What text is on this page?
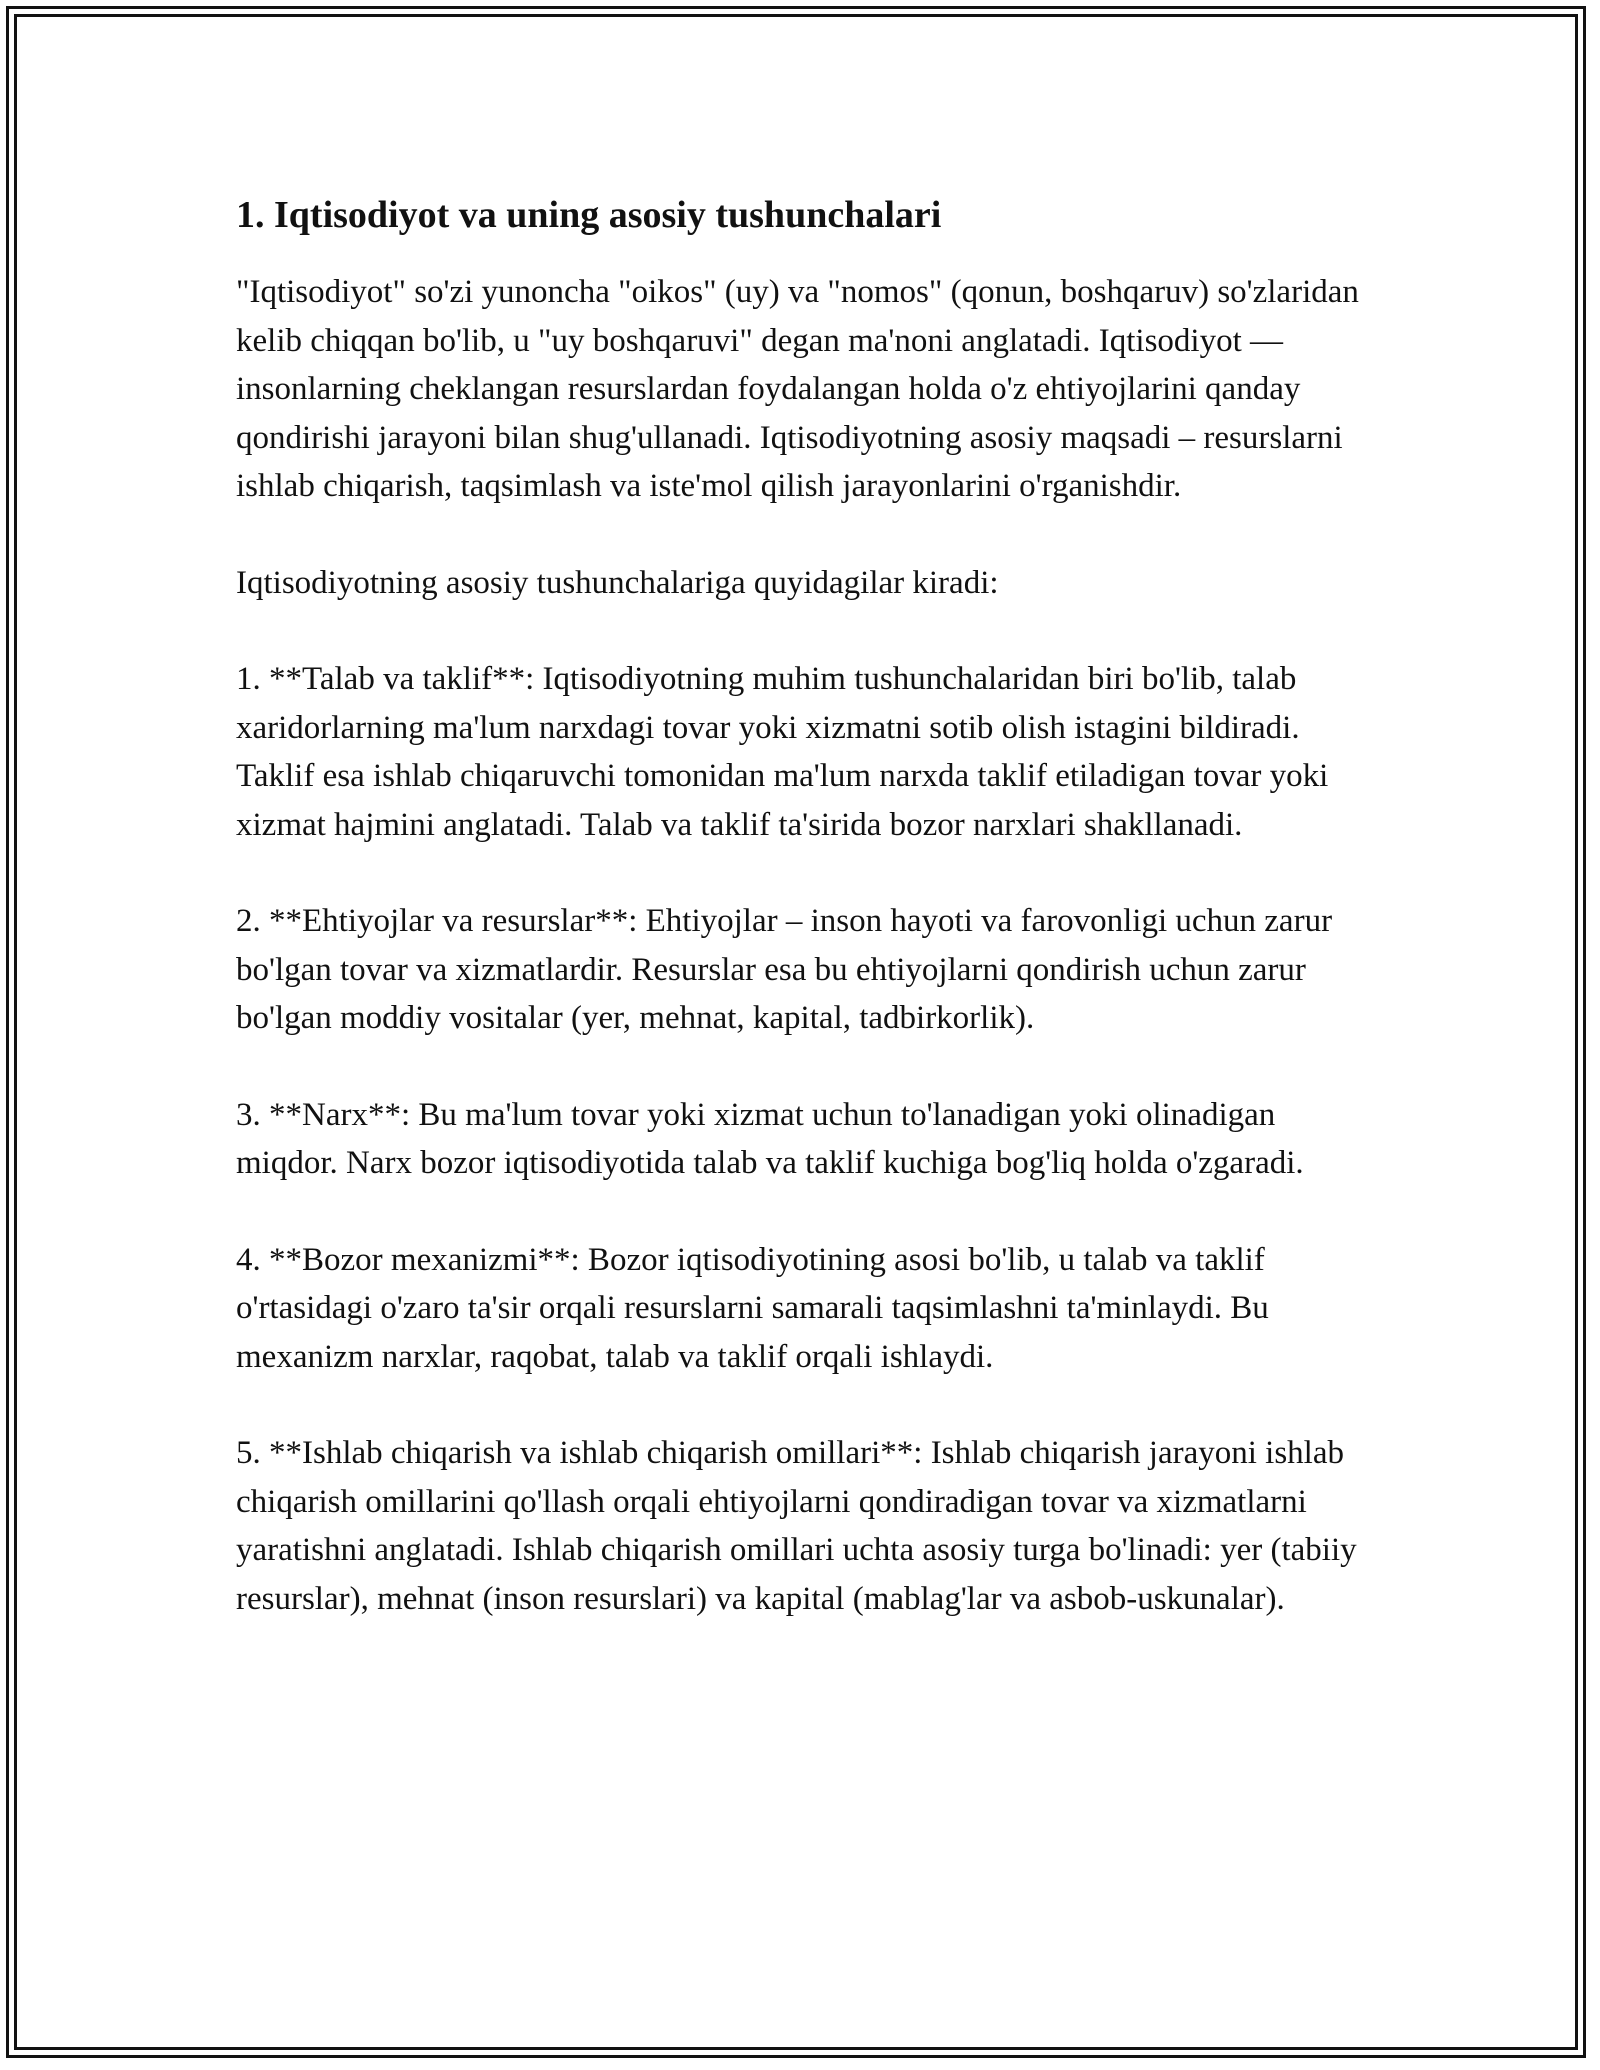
1. Iqtisodiyot va uning asosiy tushunchalari

"Iqtisodiyot" so'zi yunoncha "oikos" (uy) va "nomos" (qonun, boshqaruv) so'zlaridan kelib chiqqan bo'lib, u "uy boshqaruvi" degan ma'noni anglatadi. Iqtisodiyot — insonlarning cheklangan resurslardan foydalangan holda o'z ehtiyojlarini qanday qondirishi jarayoni bilan shug'ullanadi. Iqtisodiyotning asosiy maqsadi – resurslarni ishlab chiqarish, taqsimlash va iste'mol qilish jarayonlarini o'rganishdir.

Iqtisodiyotning asosiy tushunchalariga quyidagilar kiradi:

1. **Talab va taklif**: Iqtisodiyotning muhim tushunchalaridan biri bo'lib, talab xaridorlarning ma'lum narxdagi tovar yoki xizmatni sotib olish istagini bildiradi. Taklif esa ishlab chiqaruvchi tomonidan ma'lum narxda taklif etiladigan tovar yoki xizmat hajmini anglatadi. Talab va taklif ta'sirida bozor narxlari shakllanadi.

2. **Ehtiyojlar va resurslar**: Ehtiyojlar – inson hayoti va farovonligi uchun zarur bo'lgan tovar va xizmatlardir. Resurslar esa bu ehtiyojlarni qondirish uchun zarur bo'lgan moddiy vositalar (yer, mehnat, kapital, tadbirkorlik).

3. **Narx**: Bu ma'lum tovar yoki xizmat uchun to'lanadigan yoki olinadigan miqdor. Narx bozor iqtisodiyotida talab va taklif kuchiga bog'liq holda o'zgaradi.

4. **Bozor mexanizmi**: Bozor iqtisodiyotining asosi bo'lib, u talab va taklif o'rtasidagi o'zaro ta'sir orqali resurslarni samarali taqsimlashni ta'minlaydi. Bu mexanizm narxlar, raqobat, talab va taklif orqali ishlaydi.

5. **Ishlab chiqarish va ishlab chiqarish omillari**: Ishlab chiqarish jarayoni ishlab chiqarish omillarini qo'llash orqali ehtiyojlarni qondiradigan tovar va xizmatlarni yaratishni anglatadi. Ishlab chiqarish omillari uchta asosiy turga bo'linadi: yer (tabiiy resurslar), mehnat (inson resurslari) va kapital (mablag'lar va asbob-uskunalar).
